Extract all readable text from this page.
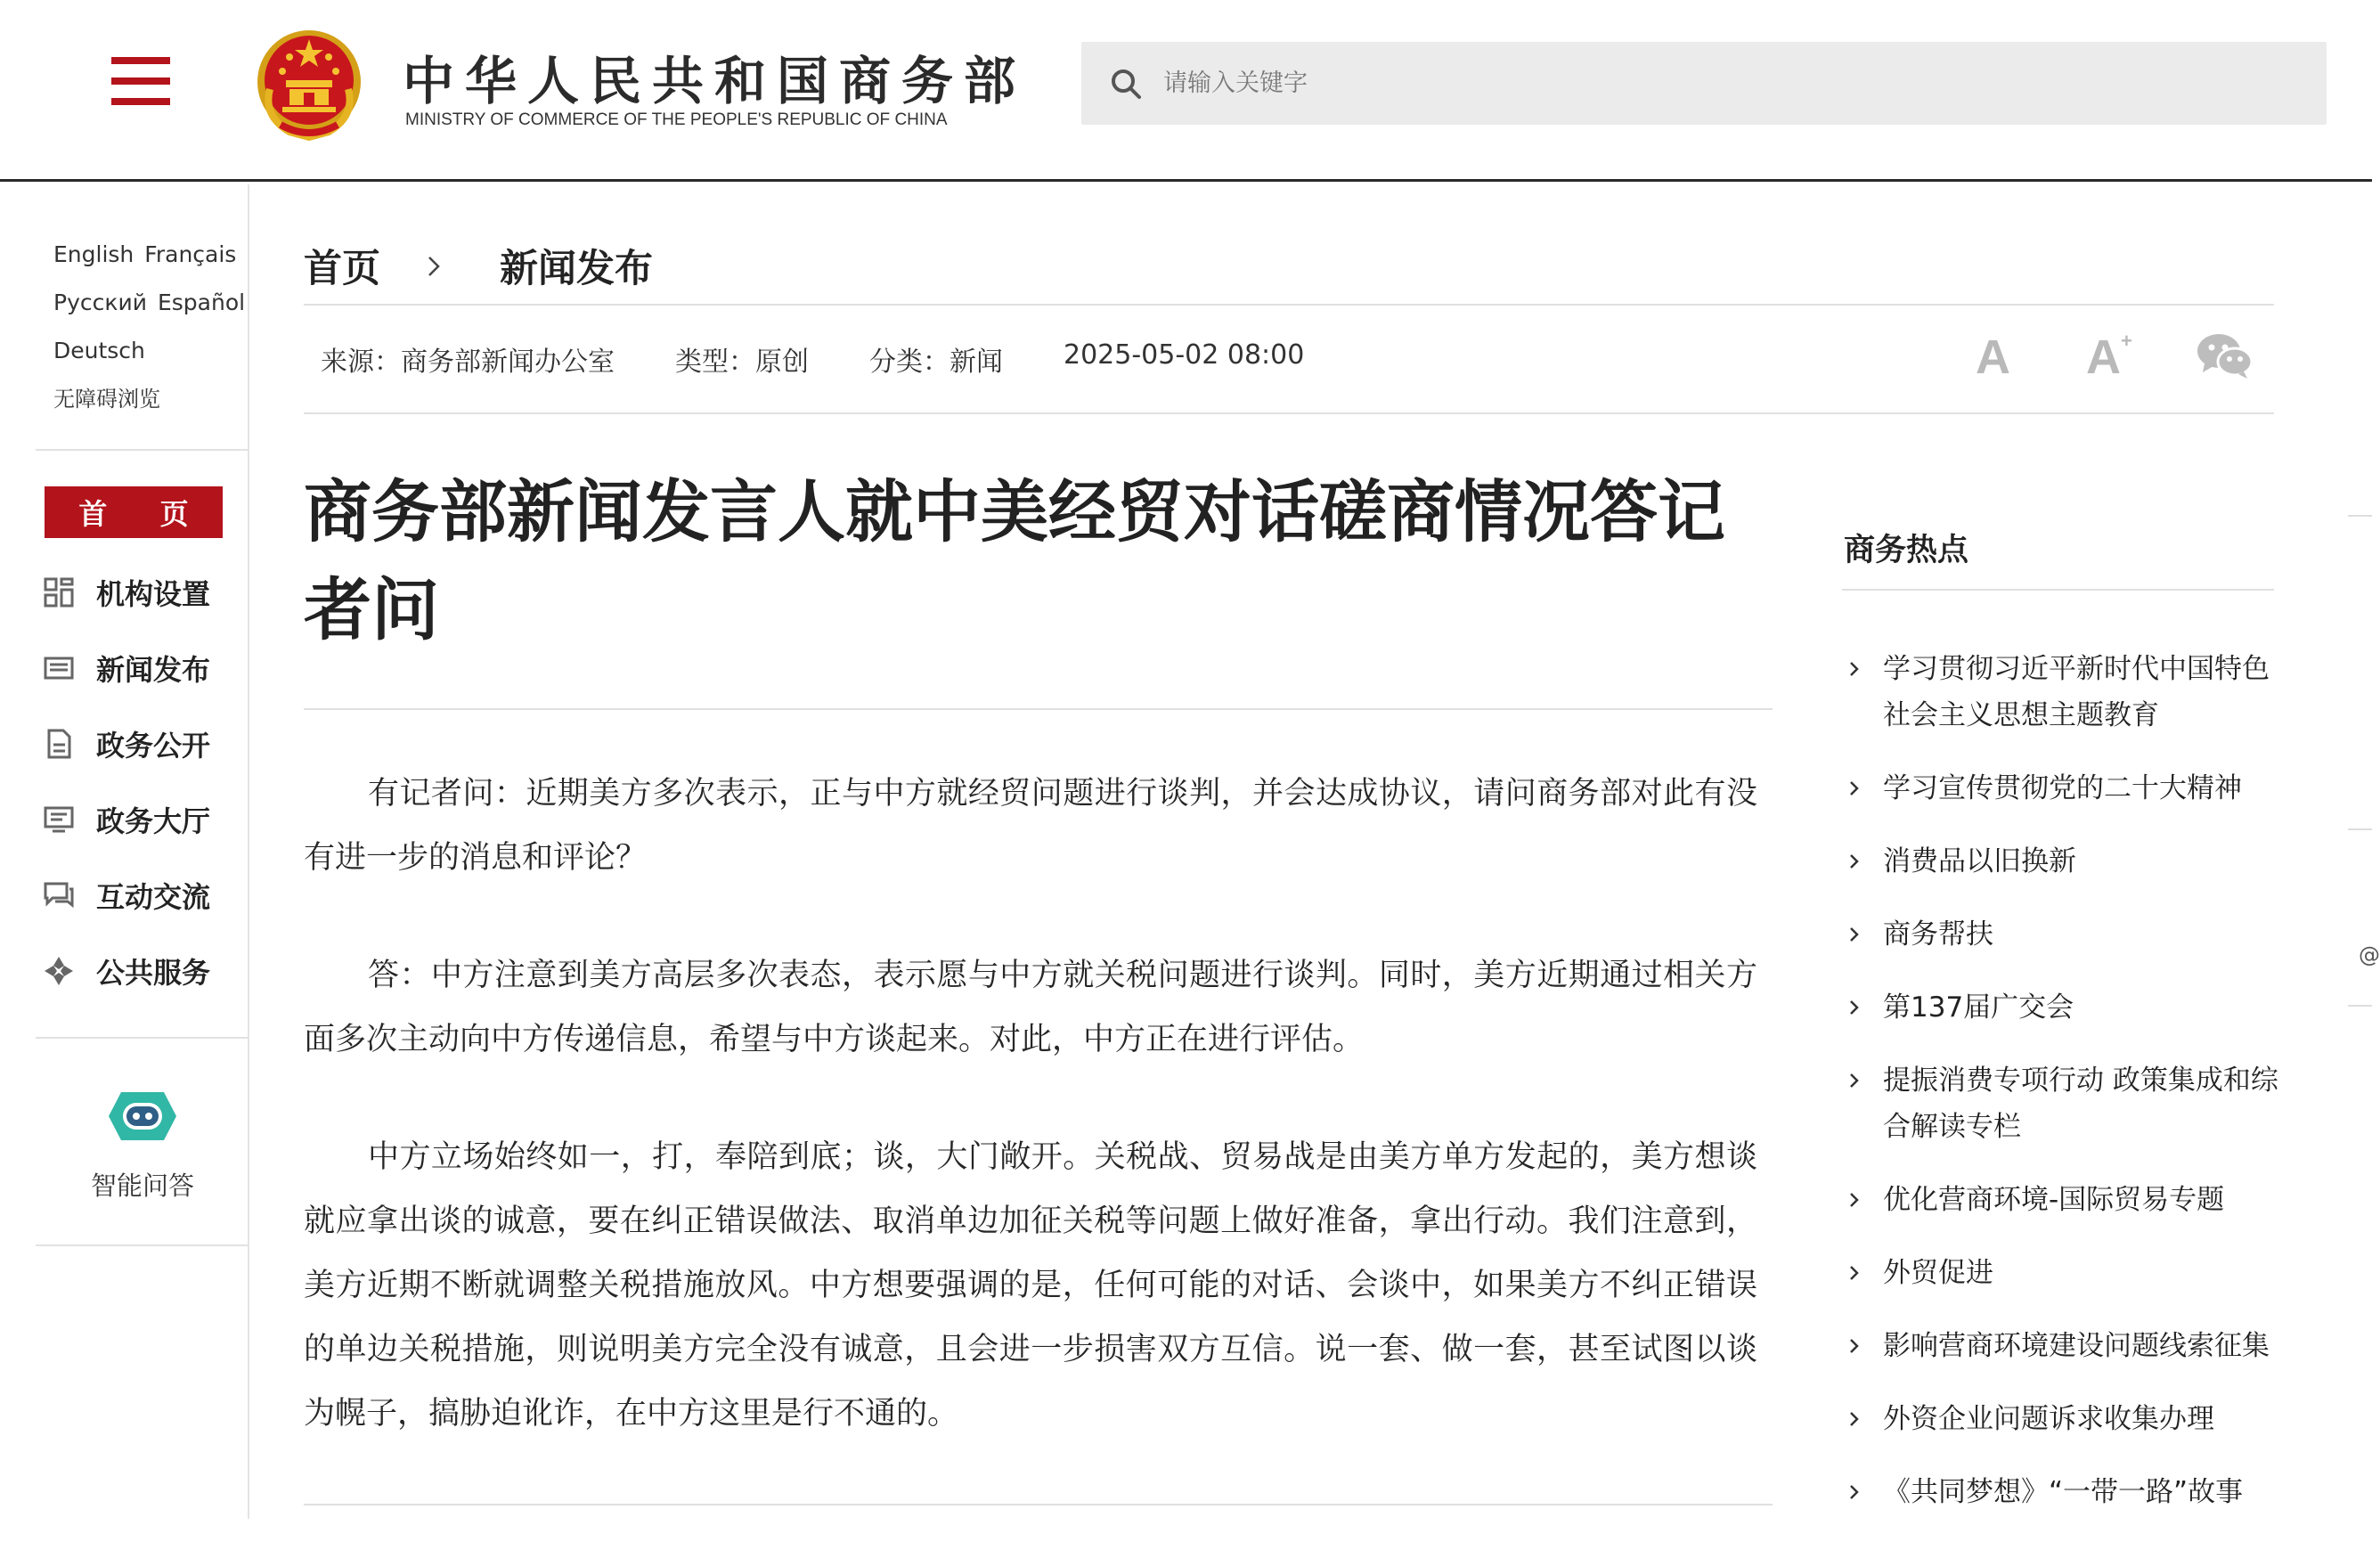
中华人民共和国商务部
MINISTRY OF COMMERCE OF THE PEOPLE'S REPUBLIC OF CHINA
请输入关键字
English Français
Русский Español
Deutsch
无障碍浏览
首 页
机构设置
新闻发布
政务公开
政务大厅
互动交流
公共服务
智能问答
首页	新闻发布
来源：商务部新闻办公室 类型：原创 分类：新闻 2025-05-02 08:00	A A+
商务部新闻发言人就中美经贸对话磋商情况答记者问

有记者问：近期美方多次表示，正与中方就经贸问题进行谈判，并会达成协议，请问商务部对此有没有进一步的消息和评论？

答：中方注意到美方高层多次表态，表示愿与中方就关税问题进行谈判。同时，美方近期通过相关方面多次主动向中方传递信息，希望与中方谈起来。对此，中方正在进行评估。

中方立场始终如一，打，奉陪到底；谈，大门敞开。关税战、贸易战是由美方单方发起的，美方想谈就应拿出谈的诚意，要在纠正错误做法、取消单边加征关税等问题上做好准备，拿出行动。我们注意到，美方近期不断就调整关税措施放风。中方想要强调的是，任何可能的对话、会谈中，如果美方不纠正错误的单边关税措施，则说明美方完全没有诚意，且会进一步损害双方互信。说一套、做一套，甚至试图以谈为幌子，搞胁迫讹诈，在中方这里是行不通的。

商务热点
学习贯彻习近平新时代中国特色社会主义思想主题教育
学习宣传贯彻党的二十大精神
消费品以旧换新
商务帮扶
第137届广交会
提振消费专项行动 政策集成和综合解读专栏
优化营商环境-国际贸易专题
外贸促进
影响营商环境建设问题线索征集
外资企业问题诉求收集办理
《共同梦想》“一带一路”故事
@
